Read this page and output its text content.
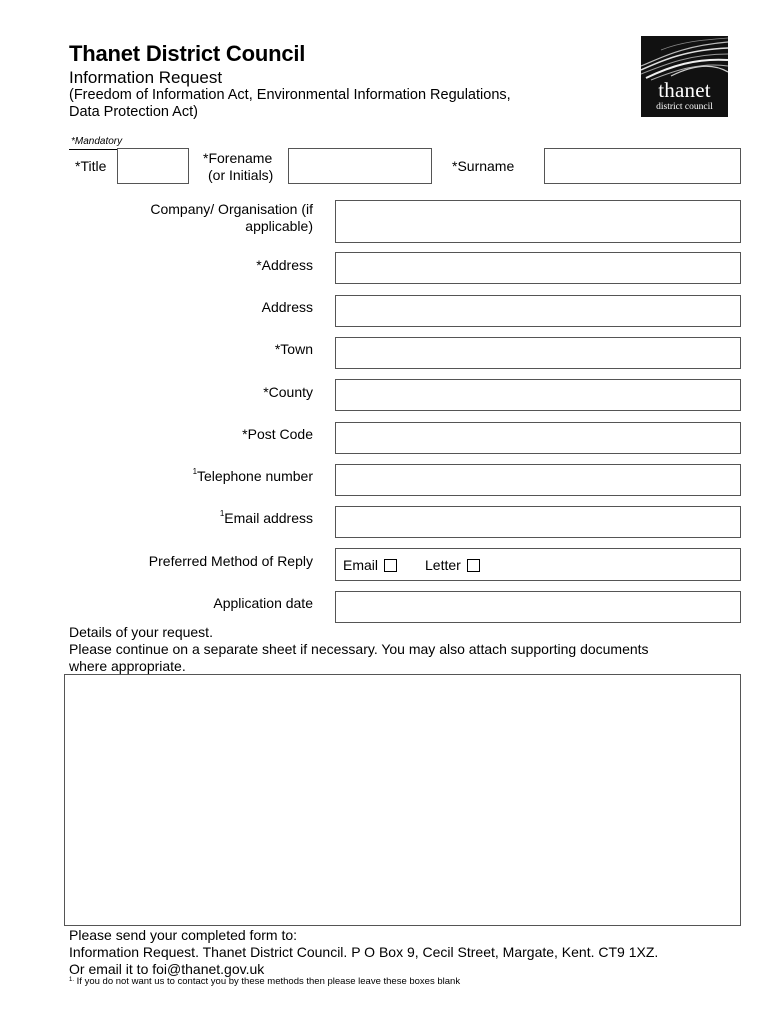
Thanet District Council
Information Request
(Freedom of Information Act, Environmental Information Regulations,
Data Protection Act)
thanet
district council
*Mandatory
*Title	*Forename
(or Initials)
*Surname
Company/ Organisation (if
applicable)
*Address
Address
*Town
*County
*Post Code
$^1$Telephone number
$^1$Email address
Preferred Method of Reply Email	Letter
Application date
Details of your request.
Please continue on a separate sheet if necessary. You may also attach supporting documents
where appropriate.
Please send your completed form to:
Information Request. Thanet District Council. P O Box 9, Cecil Street, Margate, Kent. CT9 1XZ.
Or email it to foi@thanet.gov.uk
$^{1.}$ If you do not want us to contact you by these methods then please leave these boxes blank
